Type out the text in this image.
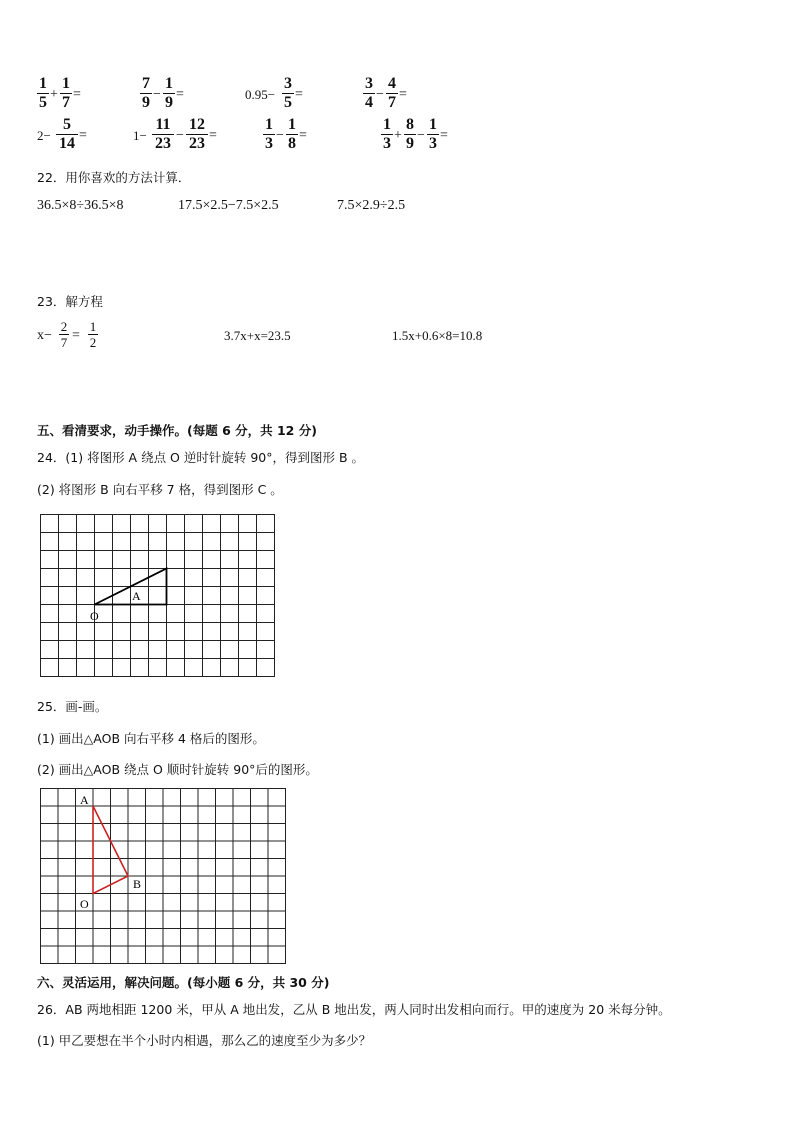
1
5 +
1
7 =
7
9 −
1
9 =	0.95−
3
5 =
3
4 −
4
7 =
2−
5
14 =	1−
11
23 −
12
23 =
1
3 −
1
8 =
1
3 +
8
9 −
1
3 =
22．用你喜欢的方法计算．
36.5×8÷36.5×8	17.5×2.5−7.5×2.5	7.5×2.9÷2.5
23．解方程
x−
2
7 =
1
2	3.7x+x=23.5	1.5x+0.6×8=10.8
五、看清要求，动手操作。(每题 6 分，共 12 分)
24．(1) 将图形 A 绕点 O 逆时针旋转 90°，得到图形 B 。
(2) 将图形 B 向右平移 7 格，得到图形 C 。
A
O
25．画-画。
(1) 画出△AOB 向右平移 4 格后的图形。
(2) 画出△AOB 绕点 O 顺时针旋转 90°后的图形。
A
B
O
六、灵活运用，解决问题。(每小题 6 分，共 30 分)
26．AB 两地相距 1200 米，甲从 A 地出发，乙从 B 地出发，两人同时出发相向而行。甲的速度为 20 米每分钟。
(1) 甲乙要想在半个小时内相遇，那么乙的速度至少为多少？
